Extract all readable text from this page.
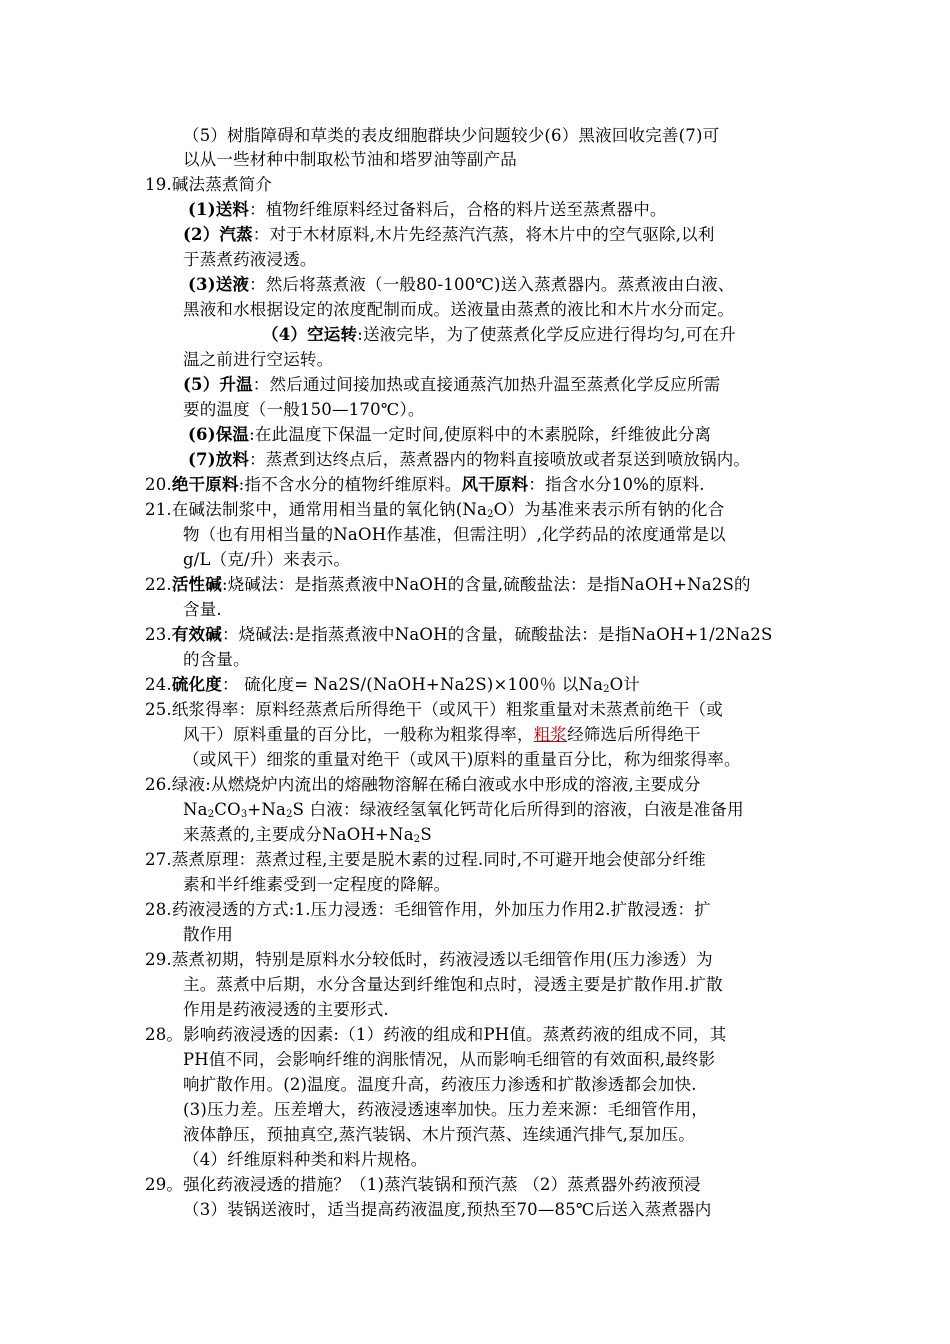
（5）树脂障碍和草类的表皮细胞群块少问题较少(6）黑液回收完善(7)可
以从一些材种中制取松节油和塔罗油等副产品
19.碱法蒸煮简介
(1)送料：植物纤维原料经过备料后，合格的料片送至蒸煮器中。
(2）汽蒸：对于木材原料,木片先经蒸汽汽蒸，将木片中的空气驱除,以利
于蒸煮药液浸透。
(3)送液：然后将蒸煮液（一般80-100℃)送入蒸煮器内。蒸煮液由白液、
黑液和水根据设定的浓度配制而成。送液量由蒸煮的液比和木片水分而定。
（4）空运转:送液完毕，为了使蒸煮化学反应进行得均匀,可在升
温之前进行空运转。
(5）升温：然后通过间接加热或直接通蒸汽加热升温至蒸煮化学反应所需
要的温度（一般150—170℃）。
(6)保温:在此温度下保温一定时间,使原料中的木素脱除，纤维彼此分离
(7)放料：蒸煮到达终点后，蒸煮器内的物料直接喷放或者泵送到喷放锅内。
20.绝干原料:指不含水分的植物纤维原料。风干原料：指含水分10%的原料.
21.在碱法制浆中，通常用相当量的氧化钠$(Na_2O)$为基准来表示所有钠的化合
物（也有用相当量的NaOH作基准，但需注明）,化学药品的浓度通常是以
g/L（克/升）来表示。
22.活性碱:烧碱法：是指蒸煮液中NaOH的含量,硫酸盐法：是指NaOH+Na2S的
含量.
23.有效碱：烧碱法:是指蒸煮液中NaOH的含量，硫酸盐法：是指NaOH+1/2Na2S
的含量。
24.硫化度： 硫化度= Na2S/(NaOH+Na2S)×100％ 以$Na_2O$计
25.纸浆得率：原料经蒸煮后所得绝干（或风干）粗浆重量对未蒸煮前绝干（或
风干）原料重量的百分比，一般称为粗浆得率，粗浆经筛选后所得绝干
（或风干）细浆的重量对绝干（或风干)原料的重量百分比，称为细浆得率。
26.绿液:从燃烧炉内流出的熔融物溶解在稀白液或水中形成的溶液,主要成分
$Na_2CO_3+Na_2S$ 白液：绿液经氢氧化钙苛化后所得到的溶液，白液是准备用
来蒸煮的,主要成分$NaOH+Na_2S$
27.蒸煮原理：蒸煮过程,主要是脱木素的过程.同时,不可避开地会使部分纤维
素和半纤维素受到一定程度的降解。
28.药液浸透的方式:1.压力浸透：毛细管作用，外加压力作用2.扩散浸透：扩
散作用
29.蒸煮初期，特别是原料水分较低时，药液浸透以毛细管作用(压力渗透）为
主。蒸煮中后期，水分含量达到纤维饱和点时，浸透主要是扩散作用.扩散
作用是药液浸透的主要形式.
28。影响药液浸透的因素:（1）药液的组成和PH值。蒸煮药液的组成不同，其
PH值不同，会影响纤维的润胀情况，从而影响毛细管的有效面积,最终影
响扩散作用。(2)温度。温度升高，药液压力渗透和扩散渗透都会加快.
(3)压力差。压差增大，药液浸透速率加快。压力差来源：毛细管作用，
液体静压，预抽真空,蒸汽装锅、木片预汽蒸、连续通汽排气,泵加压。
（4）纤维原料种类和料片规格。
29。强化药液浸透的措施？（1)蒸汽装锅和预汽蒸 （2）蒸煮器外药液预浸
（3）装锅送液时，适当提高药液温度,预热至70—85℃后送入蒸煮器内
